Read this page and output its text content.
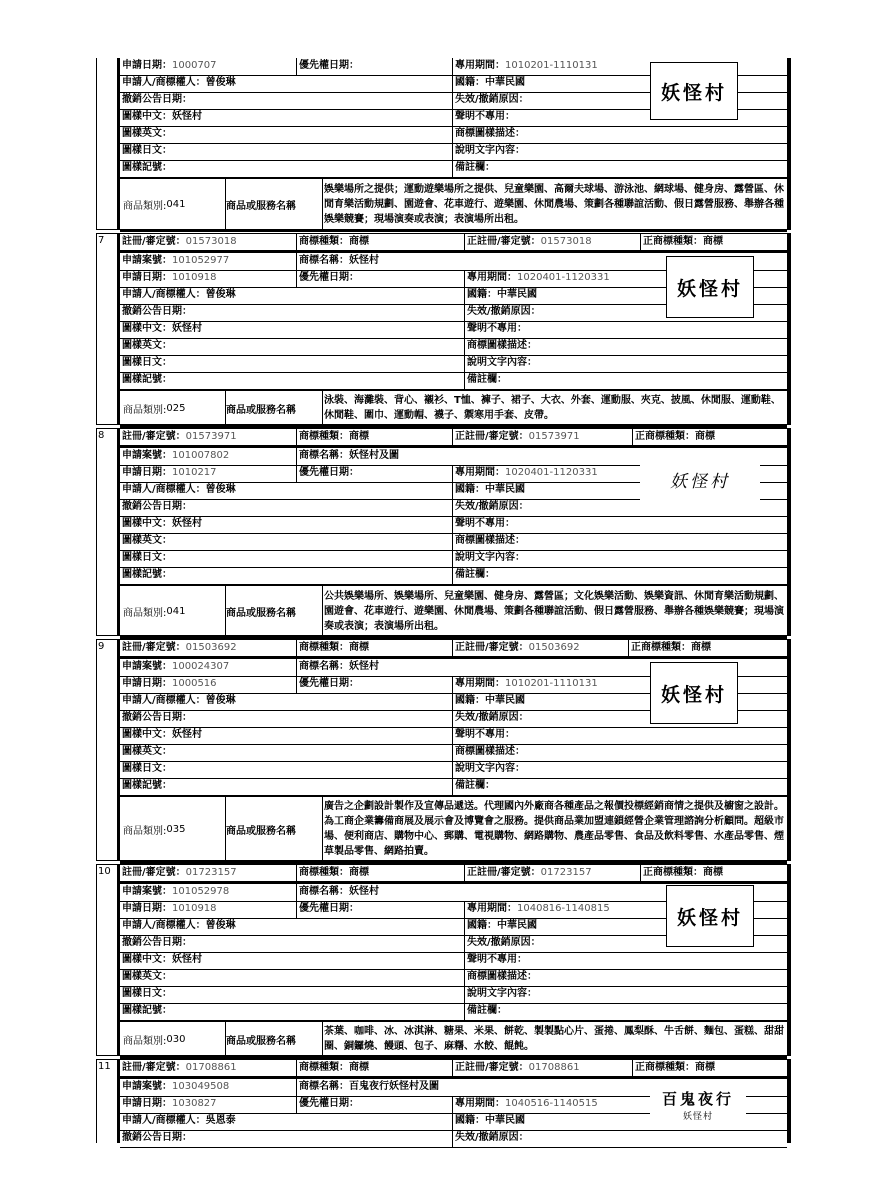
申請日期：1000707	優先權日期：	專用期間：1010201-1110131
申請人/商標權人：曾俊琳	國籍：中華民國
撤銷公告日期：	失效/撤銷原因：
圖樣中文：妖怪村	聲明不專用：
圖樣英文：	商標圖樣描述：
圖樣日文：	說明文字內容：
圖樣記號：	備註欄：
妖怪村
商品類別: 041	商品或服務名稱
娛樂場所之提供；運動遊樂場所之提供、兒童樂園、高爾夫球場、游泳池、網球場、健身房、露營區、休閒育樂活動規劃、園遊會、花車遊行、遊樂園、休閒農場、策劃各種聯誼活動、假日露營服務、舉辦各種娛樂競賽；現場演奏或表演；表演場所出租。
7	註冊/審定號：01573018	商標種類：商標	正註冊/審定號：01573018	正商標種類：商標
申請案號：101052977	商標名稱：妖怪村
申請日期：1010918	優先權日期：	專用期間：1020401-1120331
申請人/商標權人：曾俊琳	國籍：中華民國
撤銷公告日期：	失效/撤銷原因：
圖樣中文：妖怪村	聲明不專用：
圖樣英文：	商標圖樣描述：
圖樣日文：	說明文字內容：
圖樣記號：	備註欄：
妖怪村
商品類別: 025	商品或服務名稱
泳裝、海灘裝、背心、襯衫、T恤、褲子、裙子、大衣、外套、運動服、夾克、披風、休閒服、運動鞋、休閒鞋、圍巾、運動帽、襪子、禦寒用手套、皮帶。
8	註冊/審定號：01573971	商標種類：商標	正註冊/審定號：01573971	正商標種類：商標
申請案號：101007802	商標名稱：妖怪村及圖
申請日期：1010217	優先權日期：	專用期間：1020401-1120331
申請人/商標權人：曾俊琳	國籍：中華民國
撤銷公告日期：	失效/撤銷原因：
圖樣中文：妖怪村	聲明不專用：
圖樣英文：	商標圖樣描述：
圖樣日文：	說明文字內容：
圖樣記號：	備註欄：
妖怪村
商品類別: 041	商品或服務名稱
公共娛樂場所、娛樂場所、兒童樂園、健身房、露營區；文化娛樂活動、娛樂資訊、休閒育樂活動規劃、園遊會、花車遊行、遊樂園、休閒農場、策劃各種聯誼活動、假日露營服務、舉辦各種娛樂競賽；現場演奏或表演；表演場所出租。
9	註冊/審定號：01503692	商標種類：商標	正註冊/審定號：01503692	正商標種類：商標
申請案號：100024307	商標名稱：妖怪村
申請日期：1000516	優先權日期：	專用期間：1010201-1110131
申請人/商標權人：曾俊琳	國籍：中華民國
撤銷公告日期：	失效/撤銷原因：
圖樣中文：妖怪村	聲明不專用：
圖樣英文：	商標圖樣描述：
圖樣日文：	說明文字內容：
圖樣記號：	備註欄：
妖怪村
商品類別: 035	商品或服務名稱
廣告之企劃設計製作及宣傳品遞送。代理國內外廠商各種產品之報價投標經銷商情之提供及櫥窗之設計。為工商企業籌備商展及展示會及博覽會之服務。提供商品業加盟連鎖經營企業管理諮詢分析顧問。超級市場、便利商店、購物中心、郵購、電視購物、網路購物、農產品零售、食品及飲料零售、水產品零售、煙草製品零售、網路拍賣。
10	註冊/審定號：01723157	商標種類：商標	正註冊/審定號：01723157	正商標種類：商標
申請案號：101052978	商標名稱：妖怪村
申請日期：1010918	優先權日期：	專用期間：1040816-1140815
申請人/商標權人：曾俊琳	國籍：中華民國
撤銷公告日期：	失效/撤銷原因：
圖樣中文：妖怪村	聲明不專用：
圖樣英文：	商標圖樣描述：
圖樣日文：	說明文字內容：
圖樣記號：	備註欄：
妖怪村
商品類別: 030	商品或服務名稱
茶葉、咖啡、冰、冰淇淋、糖果、米果、餅乾、製製點心片、蛋捲、鳳梨酥、牛舌餅、麵包、蛋糕、甜甜圈、銅鑼燒、饅頭、包子、麻糬、水餃、餛飩。
11	註冊/審定號：01708861	商標種類：商標	正註冊/審定號：01708861	正商標種類：商標
申請案號：103049508	商標名稱：百鬼夜行妖怪村及圖
申請日期：1030827	優先權日期：	專用期間：1040516-1140515
申請人/商標權人：吳恩泰	國籍：中華民國
撤銷公告日期：	失效/撤銷原因：
百鬼夜行
妖怪村
